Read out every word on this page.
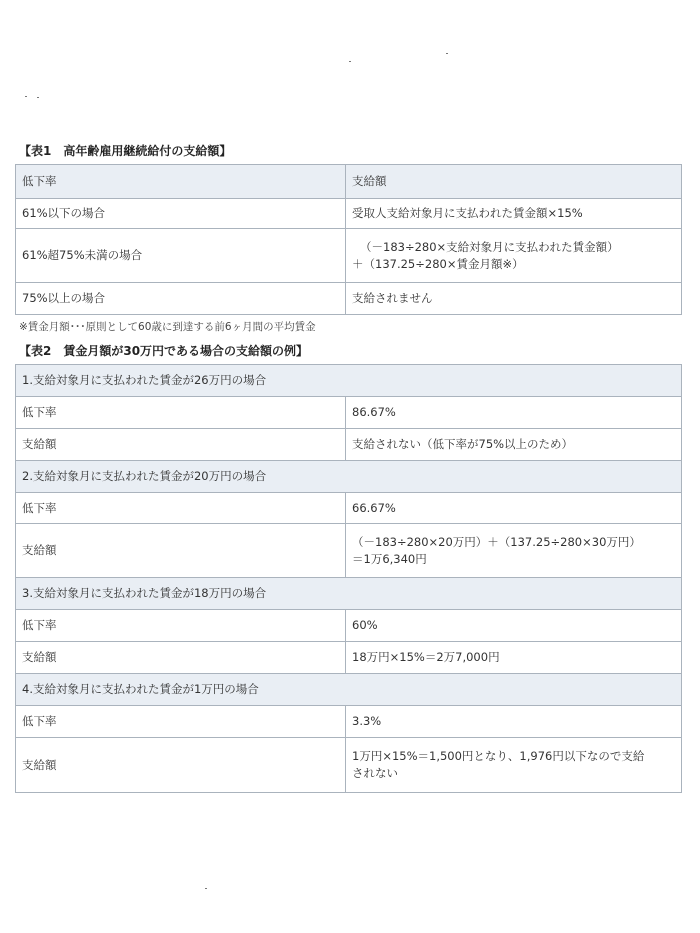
【表1　高年齢雇用継続給付の支給額】
低下率	支給額
61%以下の場合	受取人支給対象月に支払われた賃金額×15%
61%超75%未満の場合	（－183÷280×支給対象月に支払われた賃金額）
＋（137.25÷280×賃金月額※）

75%以上の場合	支給されません
※賃金月額･･･原則として60歳に到達する前6ヶ月間の平均賃金
【表2　賃金月額が30万円である場合の支給額の例】
1.支給対象月に支払われた賃金が26万円の場合	
低下率	86.67%
支給額	支給されない（低下率が75%以上のため）
2.支給対象月に支払われた賃金が20万円の場合	
低下率	66.67%
支給額	（－183÷280×20万円）＋（137.25÷280×30万円）
＝1万6,340円

3.支給対象月に支払われた賃金が18万円の場合	
低下率	60%
支給額	18万円×15%＝2万7,000円
4.支給対象月に支払われた賃金が1万円の場合	
低下率	3.3%
支給額	1万円×15%＝1,500円となり、1,976円以下なので支給
されない
